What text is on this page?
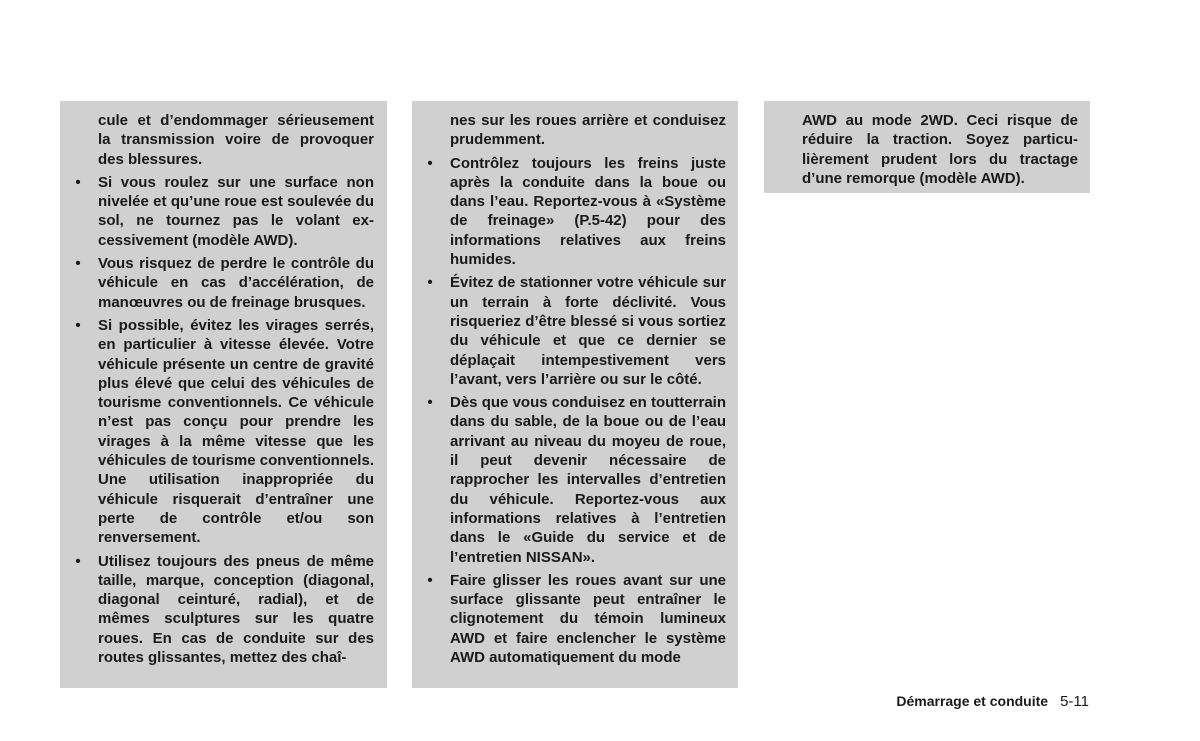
cule et d’endommager sérieusement la transmission voire de provoquer des blessures.

• Si vous roulez sur une surface non nivelée et qu’une roue est soulevée du sol, ne tournez pas le volant excessivement (modèle AWD).

• Vous risquez de perdre le contrôle du véhicule en cas d’accélération, de manœuvres ou de freinage brusques.

• Si possible, évitez les virages serrés, en particulier à vitesse élevée. Votre véhicule présente un centre de gravité plus élevé que celui des véhicules de tourisme conventionnels. Ce véhicule n’est pas conçu pour prendre les virages à la même vitesse que les véhicules de tourisme conventionnels. Une utilisation inappropriée du véhicule risquerait d’entraîner une perte de contrôle et/ou son renversement.

• Utilisez toujours des pneus de même taille, marque, conception (diagonal, diagonal ceinturé, radial), et de mêmes sculptures sur les quatre roues. En cas de conduite sur des routes glissantes, mettez des chaî-

nes sur les roues arrière et conduisez prudemment.

• Contrôlez toujours les freins juste après la conduite dans la boue ou dans l’eau. Reportez-vous à «Système de freinage» (P.5-42) pour des informations relatives aux freins humides.

• Évitez de stationner votre véhicule sur un terrain à forte déclivité. Vous risqueriez d’être blessé si vous sortiez du véhicule et que ce dernier se déplaçait intempestivement vers l’avant, vers l’arrière ou sur le côté.

• Dès que vous conduisez en toutterrain dans du sable, de la boue ou de l’eau arrivant au niveau du moyeu de roue, il peut devenir nécessaire de rapprocher les intervalles d’entretien du véhicule. Reportez-vous aux informations relatives à l’entretien dans le «Guide du service et de l’entretien NISSAN».

• Faire glisser les roues avant sur une surface glissante peut entraîner le clignotement du témoin lumineux AWD et faire enclencher le système AWD automatiquement du mode

AWD au mode 2WD. Ceci risque de réduire la traction. Soyez particulièrement prudent lors du tractage d’une remorque (modèle AWD).

Démarrage et conduite 5-11
